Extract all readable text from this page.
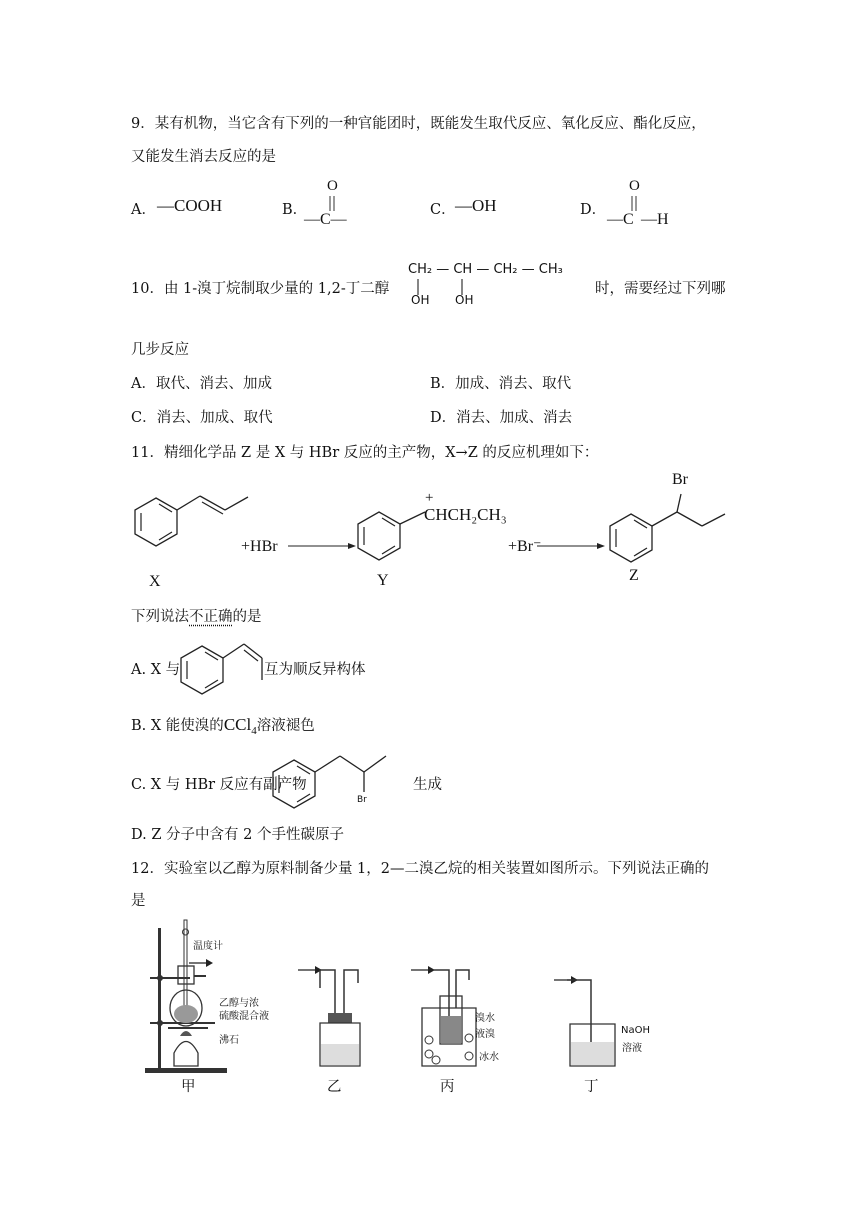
9．某有机物，当它含有下列的一种官能团时，既能发生取代反应、氧化反应、酯化反应，
又能发生消去反应的是
A． —COOH	B．
O
—C—
C． —OH	D．
O
—C —H
10．由 1-溴丁烷制取少量的 1,2-丁二醇
CH₂ — CH — CH₂ — CH₃
OH OH
时，需要经过下列哪
几步反应
A．取代、消去、加成	B．加成、消去、取代
C．消去、加成、取代	D．消去、加成、消去
11．精细化学品 Z 是 X 与 HBr 反应的主产物，X→Z 的反应机理如下：
X
+HBr
+
CHCH₂CH₃
Y
+Br⁻
Br
Z
下列说法不正确的是
A. X 与	互为顺反异构体
B. X 能使溴的CCl$_4$溶液褪色
C. X 与 HBr 反应有副产物
Br
生成
D. Z 分子中含有 2 个手性碳原子
12．实验室以乙醇为原料制备少量 1，2—二溴乙烷的相关装置如图所示。下列说法正确的
是
温度计
乙醇与浓
硫酸混合液
沸石
甲	乙
溴水
液溴
冰水
丙
NaOH
溶液
丁
